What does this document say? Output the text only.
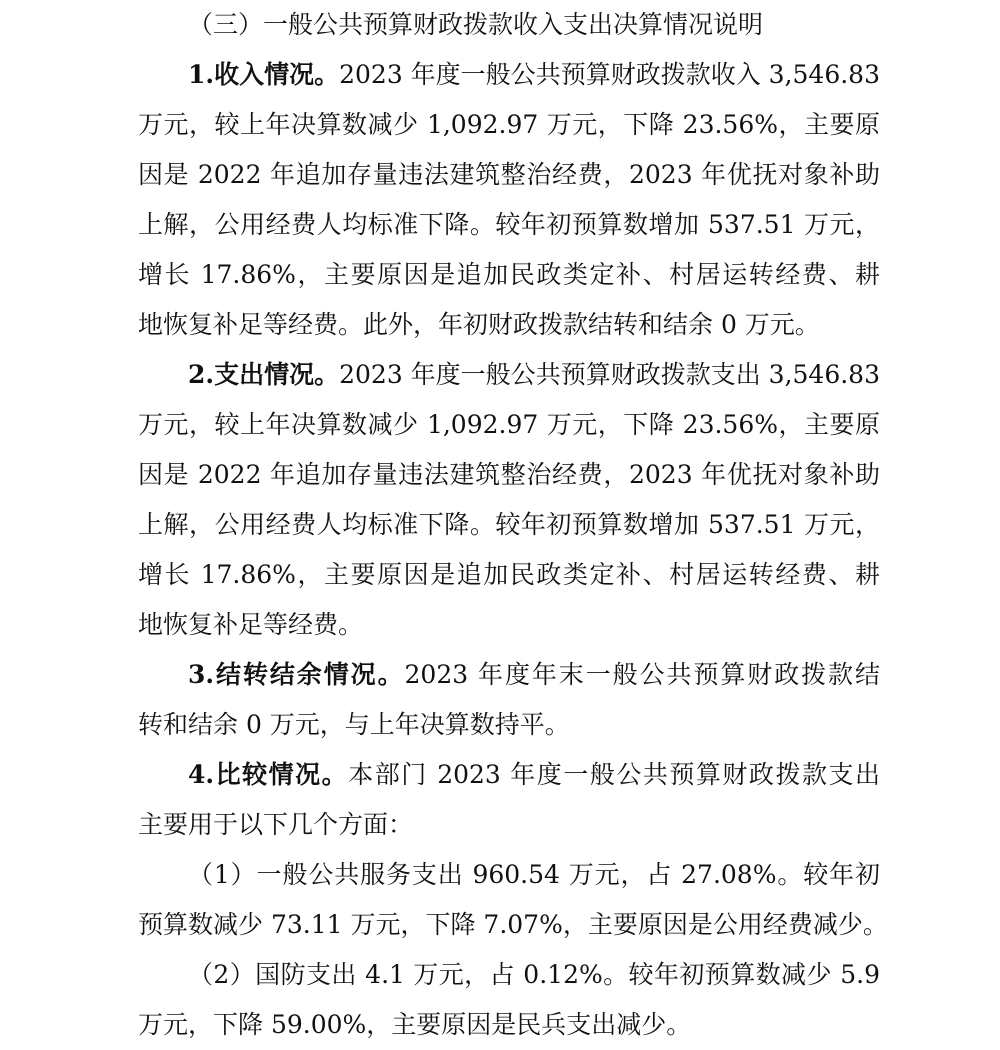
（三）一般公共预算财政拨款收入支出决算情况说明
1.收入情况。2023 年度一般公共预算财政拨款收入 3,546.83
万元，较上年决算数减少 1,092.97 万元，下降 23.56%，主要原
因是 2022 年追加存量违法建筑整治经费，2023 年优抚对象补助
上解，公用经费人均标准下降。较年初预算数增加 537.51 万元，
增长 17.86%，主要原因是追加民政类定补、村居运转经费、耕
地恢复补足等经费。此外，年初财政拨款结转和结余 0 万元。
2.支出情况。2023 年度一般公共预算财政拨款支出 3,546.83
万元，较上年决算数减少 1,092.97 万元，下降 23.56%，主要原
因是 2022 年追加存量违法建筑整治经费，2023 年优抚对象补助
上解，公用经费人均标准下降。较年初预算数增加 537.51 万元，
增长 17.86%，主要原因是追加民政类定补、村居运转经费、耕
地恢复补足等经费。
3.结转结余情况。2023 年度年末一般公共预算财政拨款结
转和结余 0 万元，与上年决算数持平。
4.比较情况。本部门 2023 年度一般公共预算财政拨款支出
主要用于以下几个方面：
（1）一般公共服务支出 960.54 万元，占 27.08%。较年初
预算数减少 73.11 万元，下降 7.07%，主要原因是公用经费减少。
（2）国防支出 4.1 万元，占 0.12%。较年初预算数减少 5.9
万元，下降 59.00%，主要原因是民兵支出减少。
